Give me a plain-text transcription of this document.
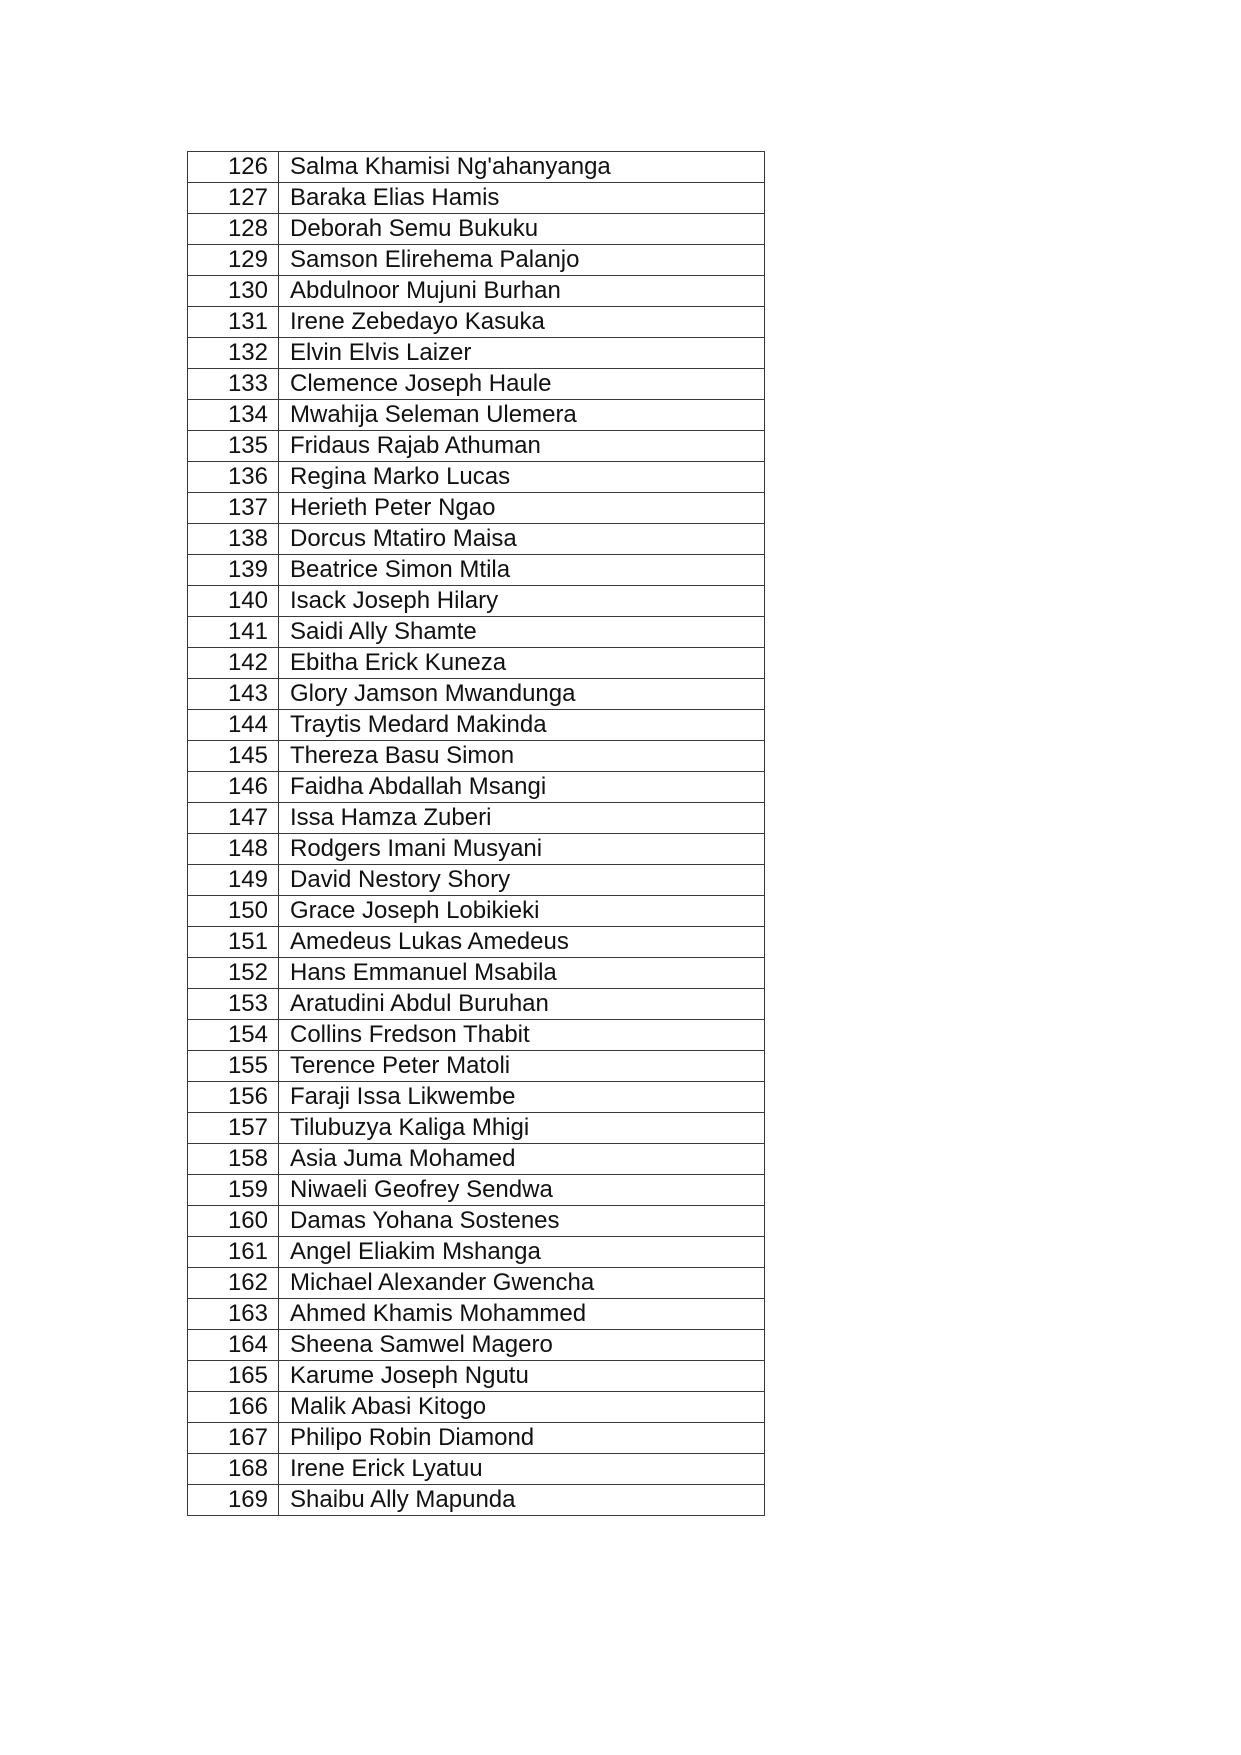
126	Salma Khamisi Ng'ahanyanga
127	Baraka Elias Hamis
128	Deborah Semu Bukuku
129	Samson Elirehema Palanjo
130	Abdulnoor Mujuni Burhan
131	Irene Zebedayo Kasuka
132	Elvin Elvis Laizer
133	Clemence Joseph Haule
134	Mwahija Seleman Ulemera
135	Fridaus Rajab Athuman
136	Regina Marko Lucas
137	Herieth Peter Ngao
138	Dorcus Mtatiro Maisa
139	Beatrice Simon Mtila
140	Isack Joseph Hilary
141	Saidi Ally Shamte
142	Ebitha Erick Kuneza
143	Glory Jamson Mwandunga
144	Traytis Medard Makinda
145	Thereza Basu Simon
146	Faidha Abdallah Msangi
147	Issa Hamza Zuberi
148	Rodgers Imani Musyani
149	David Nestory Shory
150	Grace Joseph Lobikieki
151	Amedeus Lukas Amedeus
152	Hans Emmanuel Msabila
153	Aratudini Abdul Buruhan
154	Collins Fredson Thabit
155	Terence Peter Matoli
156	Faraji Issa Likwembe
157	Tilubuzya Kaliga Mhigi
158	Asia Juma Mohamed
159	Niwaeli Geofrey Sendwa
160	Damas Yohana Sostenes
161	Angel Eliakim Mshanga
162	Michael Alexander Gwencha
163	Ahmed Khamis Mohammed
164	Sheena Samwel Magero
165	Karume Joseph Ngutu
166	Malik Abasi Kitogo
167	Philipo Robin Diamond
168	Irene Erick Lyatuu
169	Shaibu Ally Mapunda
